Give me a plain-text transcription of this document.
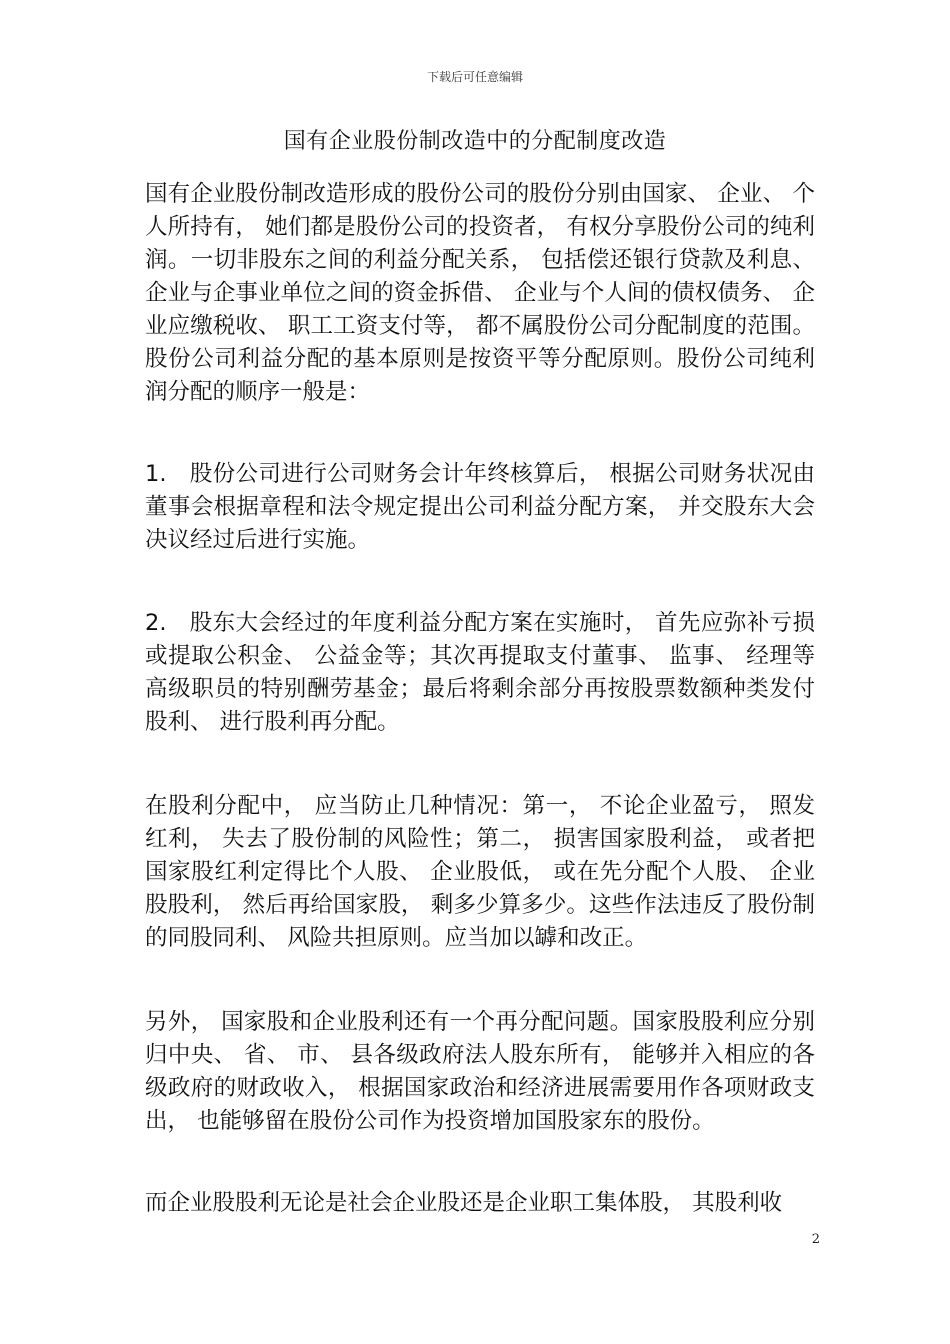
下载后可任意编辑
国有企业股份制改造中的分配制度改造
国有企业股份制改造形成的股份公司的股份分别由国家、 企业、 个人所持有， 她们都是股份公司的投资者， 有权分享股份公司的纯利润。一切非股东之间的利益分配关系， 包括偿还银行贷款及利息、 企业与企事业单位之间的资金拆借、 企业与个人间的债权债务、 企业应缴税收、 职工工资支付等， 都不属股份公司分配制度的范围。股份公司利益分配的基本原则是按资平等分配原则。股份公司纯利润分配的顺序一般是：
1.　股份公司进行公司财务会计年终核算后， 根据公司财务状况由董事会根据章程和法令规定提出公司利益分配方案， 并交股东大会决议经过后进行实施。
2.　股东大会经过的年度利益分配方案在实施时， 首先应弥补亏损或提取公积金、 公益金等；其次再提取支付董事、 监事、 经理等高级职员的特别酬劳基金；最后将剩余部分再按股票数额种类发付股利、 进行股利再分配。
在股利分配中， 应当防止几种情况：第一， 不论企业盈亏， 照发红利， 失去了股份制的风险性；第二， 损害国家股利益， 或者把国家股红利定得比个人股、 企业股低， 或在先分配个人股、 企业股股利， 然后再给国家股， 剩多少算多少。这些作法违反了股份制的同股同利、 风险共担原则。应当加以罅和改正。
另外， 国家股和企业股利还有一个再分配问题。国家股股利应分别归中央、 省、 市、 县各级政府法人股东所有， 能够并入相应的各级政府的财政收入， 根据国家政治和经济进展需要用作各项财政支出， 也能够留在股份公司作为投资增加国股家东的股份。
而企业股股利无论是社会企业股还是企业职工集体股， 其股利收
2
